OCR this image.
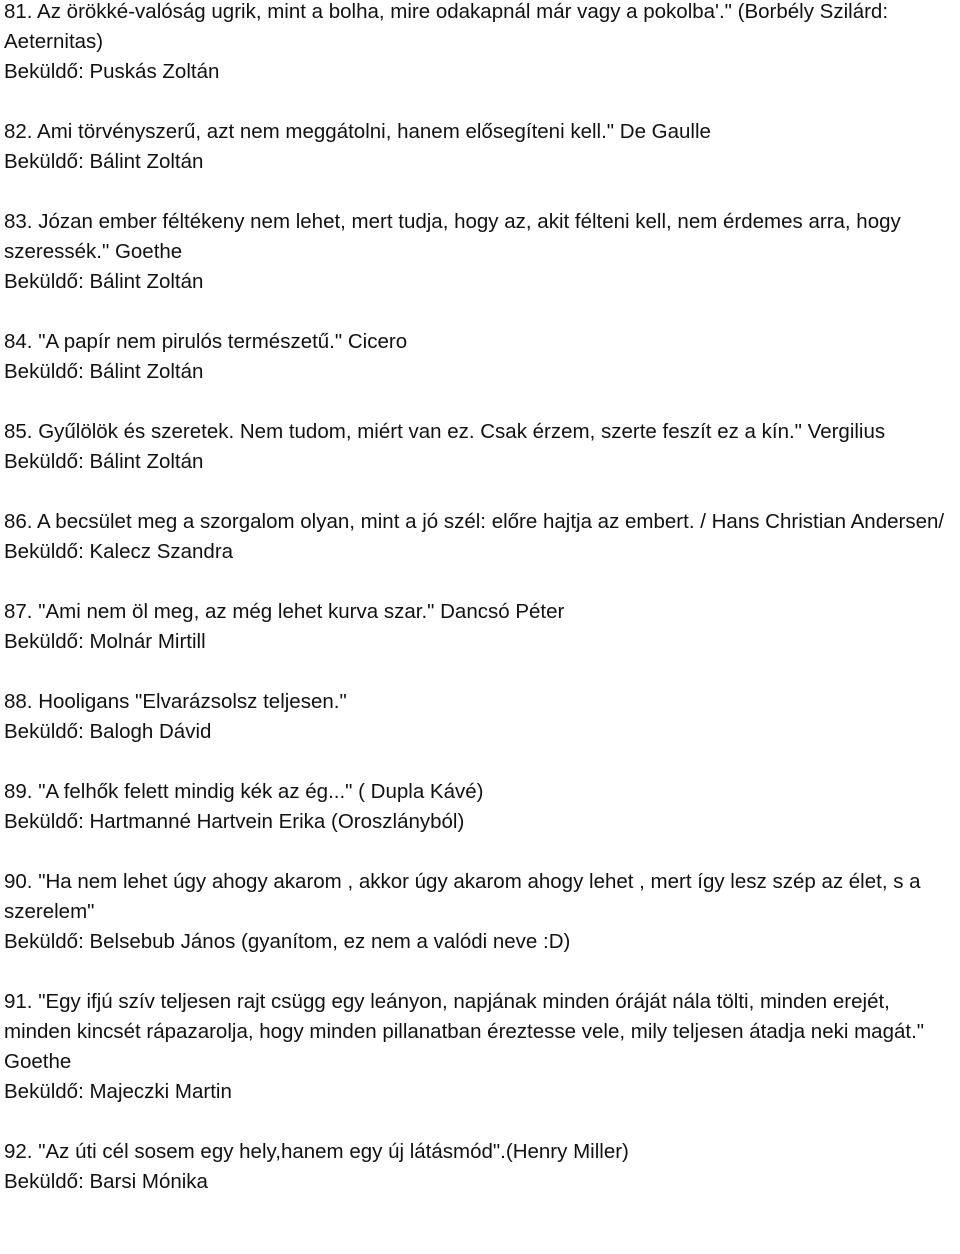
81. Az örökké-valóság ugrik, mint a bolha, mire odakapnál már vagy a pokolba'." (Borbély Szilárd: Aeternitas)

Beküldő: Puskás Zoltán

82. Ami törvényszerű, azt nem meggátolni, hanem elősegíteni kell." De Gaulle

Beküldő: Bálint Zoltán

83. Józan ember féltékeny nem lehet, mert tudja, hogy az, akit félteni kell, nem érdemes arra, hogy szeressék." Goethe

Beküldő: Bálint Zoltán

84. "A papír nem pirulós természetű." Cicero

Beküldő: Bálint Zoltán

85. Gyűlölök és szeretek. Nem tudom, miért van ez. Csak érzem, szerte feszít ez a kín." Vergilius

Beküldő: Bálint Zoltán

86. A becsület meg a szorgalom olyan, mint a jó szél: előre hajtja az embert. / Hans Christian Andersen/

Beküldő: Kalecz Szandra

87. "Ami nem öl meg, az még lehet kurva szar." Dancsó Péter

Beküldő: Molnár Mirtill

88. Hooligans "Elvarázsolsz teljesen."

Beküldő: Balogh Dávid

89. "A felhők felett mindig kék az ég..." ( Dupla Kávé)

Beküldő: Hartmanné Hartvein Erika (Oroszlányból)

90. "Ha nem lehet úgy ahogy akarom , akkor úgy akarom ahogy lehet , mert így lesz szép az élet, s a szerelem"

Beküldő: Belsebub János (gyanítom, ez nem a valódi neve :D)

91. "Egy ifjú szív teljesen rajt csügg egy leányon, napjának minden óráját nála tölti, minden erejét, minden kincsét rápazarolja, hogy minden pillanatban éreztesse vele, mily teljesen átadja neki magát." Goethe

Beküldő: Majeczki Martin

92. "Az úti cél sosem egy hely,hanem egy új látásmód".(Henry Miller)

Beküldő: Barsi Mónika
